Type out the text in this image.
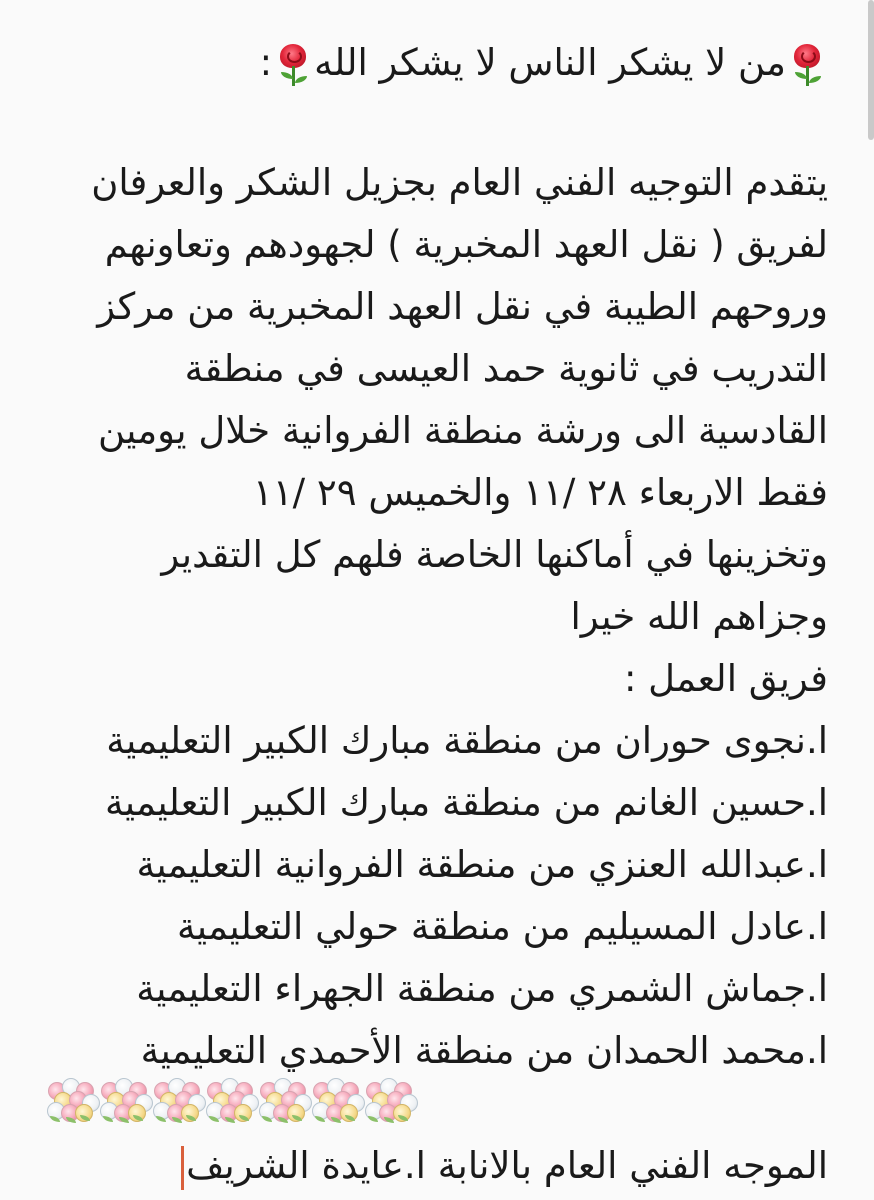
من لا يشكر الناس لا يشكر الله
:
يتقدم التوجيه الفني العام بجزيل الشكر والعرفان
لفريق ( نقل العهد المخبرية ) لجهودهم وتعاونهم
وروحهم الطيبة في نقل العهد المخبرية من مركز
التدريب في ثانوية حمد العيسى في منطقة
القادسية الى ورشة منطقة الفروانية خلال يومين
فقط الاربعاء ٢٨ /١١ والخميس ٢٩ /١١
وتخزينها في أماكنها الخاصة فلهم كل التقدير
وجزاهم الله خيرا
فريق العمل :
ا.نجوى حوران من منطقة مبارك الكبير التعليمية
ا.حسين الغانم من منطقة مبارك الكبير التعليمية
ا.عبدالله العنزي من منطقة الفروانية التعليمية
ا.عادل المسيليم من منطقة حولي التعليمية
ا.جماش الشمري من منطقة الجهراء التعليمية
ا.محمد الحمدان من منطقة الأحمدي التعليمية
الموجه الفني العام بالانابة ا.عايدة الشريف
